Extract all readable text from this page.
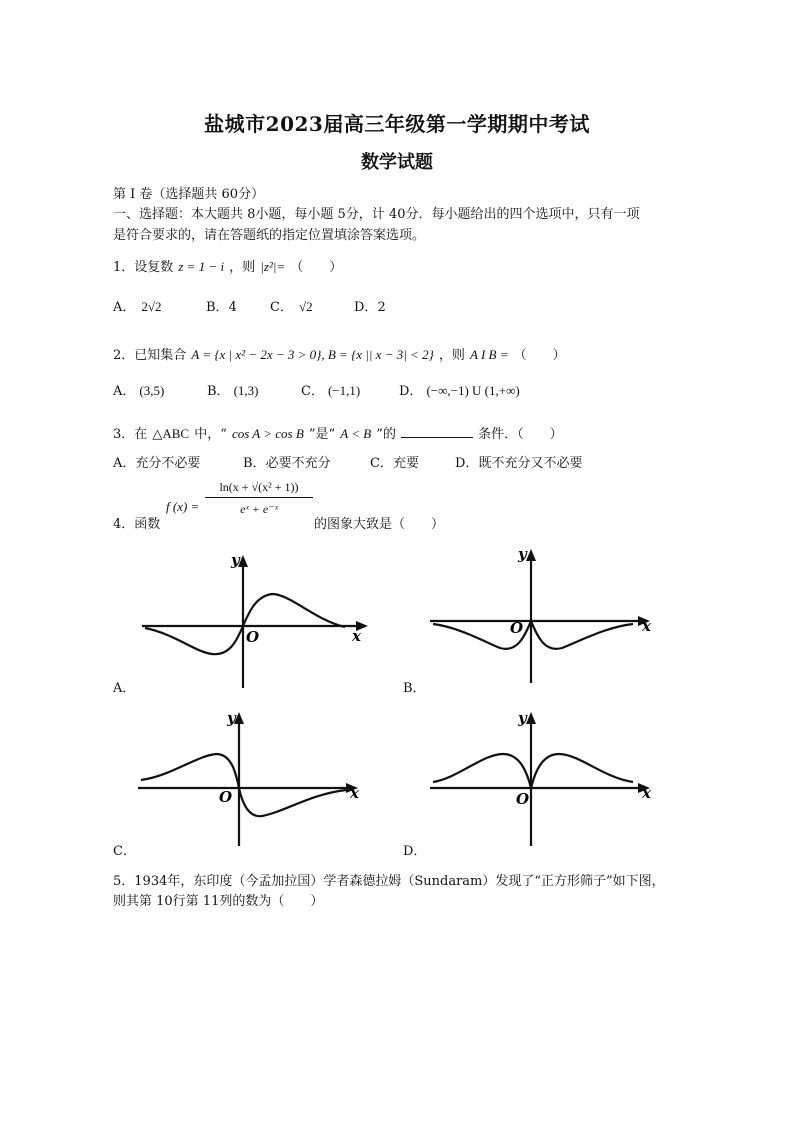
盐城市2023届高三年级第一学期期中考试
数学试题
第 I 卷（选择题共 60分）
一、选择题：本大题共 8小题，每小题 5分，计 40分．每小题给出的四个选项中，只有一项
是符合要求的，请在答题纸的指定位置填涂答案选项。
1．设复数 z = 1 − i ，则 |z²|= （　　）
A． 2√2	B．4	C． √2	D．2
2．已知集合 A = {x | x² − 2x − 3 > 0}, B = {x || x − 3| < 2} ，则 A I B = （　　）
A． (3,5)	B． (1,3)	C． (−1,1)	D． (−∞,−1) U (1,+∞)
3．在 △ABC 中，“ cos A > cos B ”是“ A < B ”的	条件．（　　）
A．充分不必要	B．必要不充分	C．充要	D．既不充分又不必要
4．函数
f (x) =
ln(x + √(x² + 1))
eˣ + e⁻ˣ
的图象大致是（　　）
y
x
O
A．
y
x
O
B．
y
x
O
C．
y
x
O
D．
5．1934年，东印度（今孟加拉国）学者森德拉姆（Sundaram）发现了“正方形筛子”如下图，
则其第 10行第 11列的数为（　　）
